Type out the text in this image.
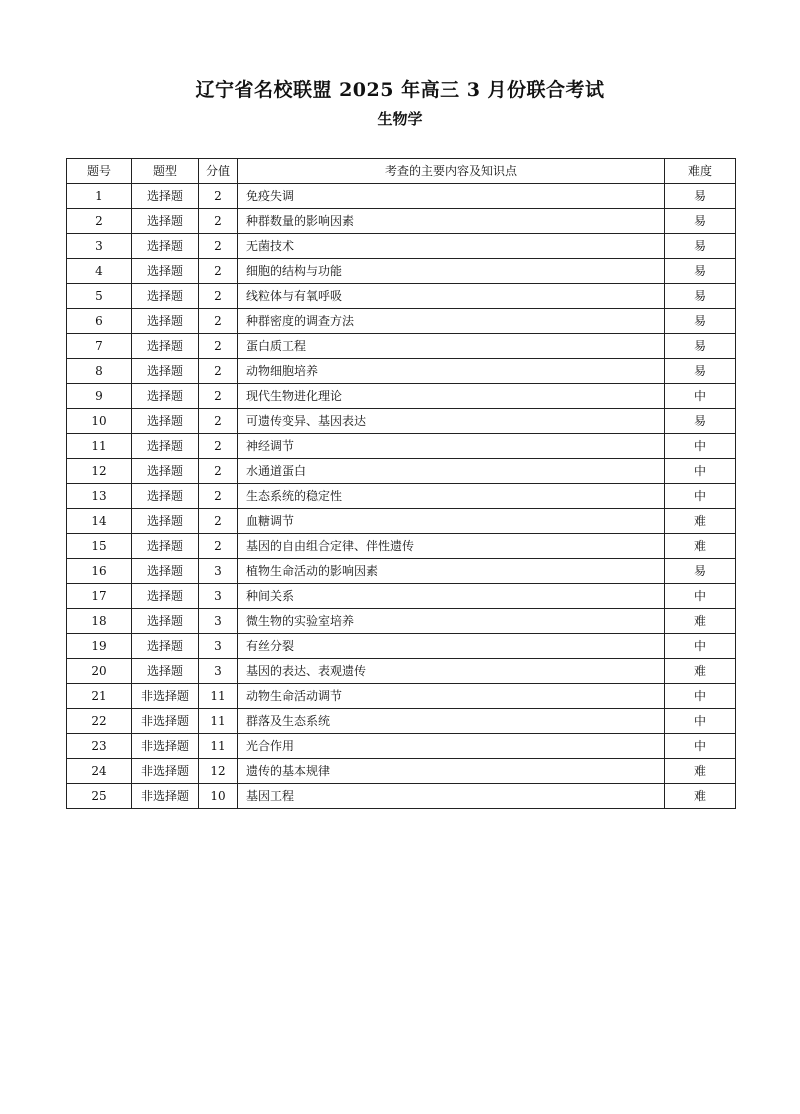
辽宁省名校联盟 2025 年高三 3 月份联合考试
生物学
题号	题型	分值	考查的主要内容及知识点	难度
1	选择题	2	免疫失调	易
2	选择题	2	种群数量的影响因素	易
3	选择题	2	无菌技术	易
4	选择题	2	细胞的结构与功能	易
5	选择题	2	线粒体与有氧呼吸	易
6	选择题	2	种群密度的调查方法	易
7	选择题	2	蛋白质工程	易
8	选择题	2	动物细胞培养	易
9	选择题	2	现代生物进化理论	中
10	选择题	2	可遗传变异、基因表达	易
11	选择题	2	神经调节	中
12	选择题	2	水通道蛋白	中
13	选择题	2	生态系统的稳定性	中
14	选择题	2	血糖调节	难
15	选择题	2	基因的自由组合定律、伴性遗传	难
16	选择题	3	植物生命活动的影响因素	易
17	选择题	3	种间关系	中
18	选择题	3	微生物的实验室培养	难
19	选择题	3	有丝分裂	中
20	选择题	3	基因的表达、表观遗传	难
21	非选择题	11	动物生命活动调节	中
22	非选择题	11	群落及生态系统	中
23	非选择题	11	光合作用	中
24	非选择题	12	遗传的基本规律	难
25	非选择题	10	基因工程	难
